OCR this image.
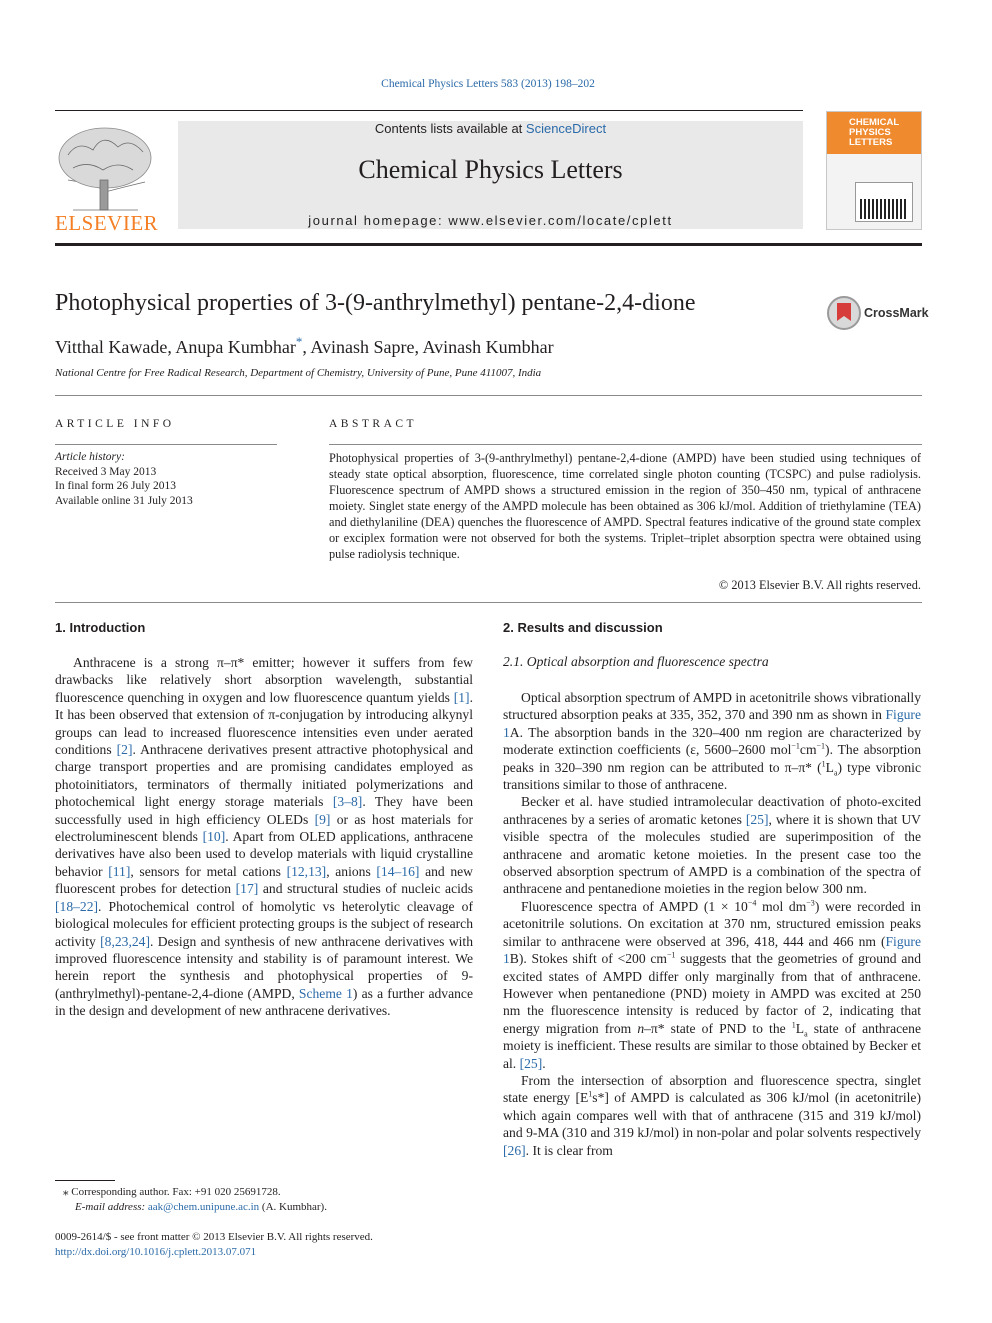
Chemical Physics Letters 583 (2013) 198–202
ELSEVIER
Contents lists available at ScienceDirect
Chemical Physics Letters
journal homepage: www.elsevier.com/locate/cplett
CHEMICAL PHYSICS LETTERS
Photophysical properties of 3-(9-anthrylmethyl) pentane-2,4-dione	CrossMark
Vitthal Kawade, Anupa Kumbhar*, Avinash Sapre, Avinash Kumbhar
National Centre for Free Radical Research, Department of Chemistry, University of Pune, Pune 411007, India
ARTICLE INFO
Article history:
Received 3 May 2013
In final form 26 July 2013
Available online 31 July 2013
ABSTRACT
Photophysical properties of 3-(9-anthrylmethyl) pentane-2,4-dione (AMPD) have been studied using techniques of steady state optical absorption, fluorescence, time correlated single photon counting (TCSPC) and pulse radiolysis. Fluorescence spectrum of AMPD shows a structured emission in the region of 350–450 nm, typical of anthracene moiety. Singlet state energy of the AMPD molecule has been obtained as 306 kJ/mol. Addition of triethylamine (TEA) and diethylaniline (DEA) quenches the fluorescence of AMPD. Spectral features indicative of the ground state complex or exciplex formation were not observed for both the systems. Triplet–triplet absorption spectra were obtained using pulse radiolysis technique.
© 2013 Elsevier B.V. All rights reserved.
1. Introduction	2. Results and discussion
2.1. Optical absorption and fluorescence spectra

Anthracene is a strong π–π* emitter; however it suffers from few drawbacks like relatively short absorption wavelength, substantial fluorescence quenching in oxygen and low fluorescence quantum yields [1]. It has been observed that extension of π-conjugation by introducing alkynyl groups can lead to increased fluorescence intensities even under aerated conditions [2]. Anthracene derivatives present attractive photophysical and charge transport properties and are promising candidates employed as photoinitiators, terminators of thermally initiated polymerizations and photochemical light energy storage materials [3–8]. They have been successfully used in high efficiency OLEDs [9] or as host materials for electroluminescent blends [10]. Apart from OLED applications, anthracene derivatives have also been used to develop materials with liquid crystalline behavior [11], sensors for metal cations [12,13], anions [14–16] and new fluorescent probes for detection [17] and structural studies of nucleic acids [18–22]. Photochemical control of homolytic vs heterolytic cleavage of biological molecules for efficient protecting groups is the subject of research activity [8,23,24]. Design and synthesis of new anthracene derivatives with improved fluorescence intensity and stability is of paramount interest. We herein report the synthesis and photophysical properties of 9-(anthrylmethyl)-pentane-2,4-dione (AMPD, Scheme 1) as a further advance in the design and development of new anthracene derivatives.

Optical absorption spectrum of AMPD in acetonitrile shows vibrationally structured absorption peaks at 335, 352, 370 and 390 nm as shown in Figure 1A. The absorption bands in the 320–400 nm region are characterized by moderate extinction coefficients (ε, 5600–2600 $mol^{-1}cm^{-1}$). The absorption peaks in 320–390 nm region can be attributed to π–π* $(^1L_a)$ type vibronic transitions similar to those of anthracene.

Becker et al. have studied intramolecular deactivation of photo-excited anthracenes by a series of aromatic ketones [25], where it is shown that UV visible spectra of the molecules studied are superimposition of the anthracene and aromatic ketone moieties. In the present case too the observed absorption spectrum of AMPD is a combination of the spectra of anthracene and pentanedione moieties in the region below 300 nm.

Fluorescence spectra of AMPD ($1 \times 10^{-4}$ mol $dm^{-3}$) were recorded in acetonitrile solutions. On excitation at 370 nm, structured emission peaks similar to anthracene were observed at 396, 418, 444 and 466 nm (Figure 1B). Stokes shift of <200 $cm^{-1}$ suggests that the geometries of ground and excited states of AMPD differ only marginally from that of anthracene. However when pentanedione (PND) moiety in AMPD was excited at 250 nm the fluorescence intensity is reduced by factor of 2, indicating that energy migration from n–π* state of PND to the $^1L_a$ state of anthracene moiety is inefficient. These results are similar to those obtained by Becker et al. [25].

From the intersection of absorption and fluorescence spectra, singlet state energy $[E^1s*]$ of AMPD is calculated as 306 kJ/mol (in acetonitrile) which again compares well with that of anthracene (315 and 319 kJ/mol) and 9-MA (310 and 319 kJ/mol) in non-polar and polar solvents respectively [26]. It is clear from

⁎ Corresponding author. Fax: +91 020 25691728.
E-mail address: aak@chem.unipune.ac.in (A. Kumbhar).
0009-2614/$ - see front matter © 2013 Elsevier B.V. All rights reserved.
http://dx.doi.org/10.1016/j.cplett.2013.07.071
